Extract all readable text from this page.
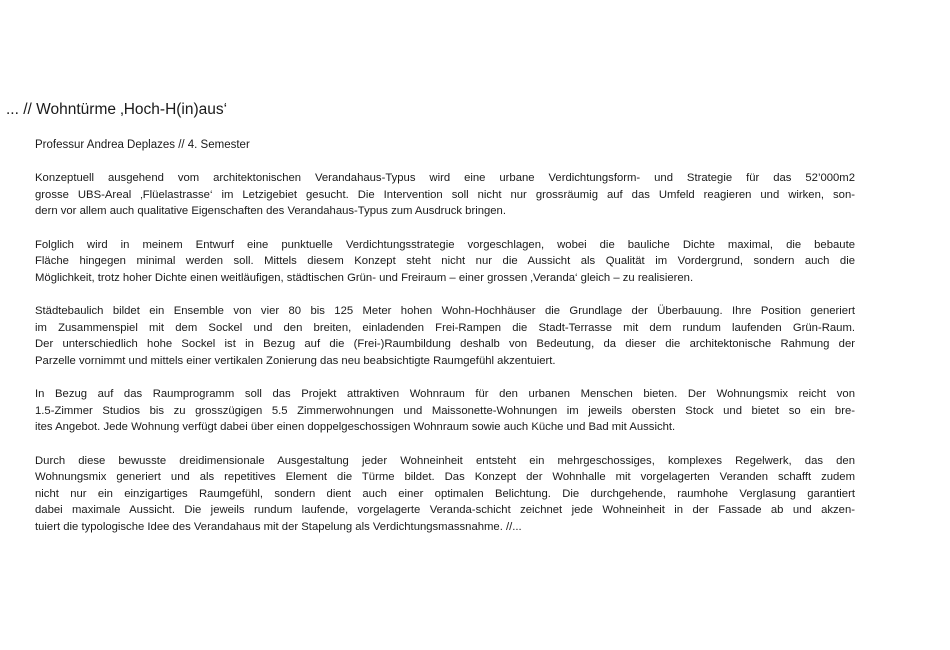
... // Wohntürme ‚Hoch-H(in)aus‘
Professur Andrea Deplazes // 4. Semester

Konzeptuell ausgehend vom architektonischen Verandahaus-Typus wird eine urbane Verdichtungsform- und Strategie für das 52’000m2
grosse UBS-Areal ‚Flüelastrasse‘ im Letzigebiet gesucht. Die Intervention soll nicht nur grossräumig auf das Umfeld reagieren und wirken, son-
dern vor allem auch qualitative Eigenschaften des Verandahaus-Typus zum Ausdruck bringen.

Folglich wird in meinem Entwurf eine punktuelle Verdichtungsstrategie vorgeschlagen, wobei die bauliche Dichte maximal, die bebaute
Fläche hingegen minimal werden soll. Mittels diesem Konzept steht nicht nur die Aussicht als Qualität im Vordergrund, sondern auch die
Möglichkeit, trotz hoher Dichte einen weitläufigen, städtischen Grün- und Freiraum – einer grossen ‚Veranda‘ gleich – zu realisieren.

Städtebaulich bildet ein Ensemble von vier 80 bis 125 Meter hohen Wohn-Hochhäuser die Grundlage der Überbauung. Ihre Position generiert
im Zusammenspiel mit dem Sockel und den breiten, einladenden Frei-Rampen die Stadt-Terrasse mit dem rundum laufenden Grün-Raum.
Der unterschiedlich hohe Sockel ist in Bezug auf die (Frei-)Raumbildung deshalb von Bedeutung, da dieser die architektonische Rahmung der
Parzelle vornimmt und mittels einer vertikalen Zonierung das neu beabsichtigte Raumgefühl akzentuiert.

In Bezug auf das Raumprogramm soll das Projekt attraktiven Wohnraum für den urbanen Menschen bieten. Der Wohnungsmix reicht von
1.5-Zimmer Studios bis zu grosszügigen 5.5 Zimmerwohnungen und Maissonette-Wohnungen im jeweils obersten Stock und bietet so ein bre-
ites Angebot. Jede Wohnung verfügt dabei über einen doppelgeschossigen Wohnraum sowie auch Küche und Bad mit Aussicht.

Durch diese bewusste dreidimensionale Ausgestaltung jeder Wohneinheit entsteht ein mehrgeschossiges, komplexes Regelwerk, das den
Wohnungsmix generiert und als repetitives Element die Türme bildet. Das Konzept der Wohnhalle mit vorgelagerten Veranden schafft zudem
nicht nur ein einzigartiges Raumgefühl, sondern dient auch einer optimalen Belichtung. Die durchgehende, raumhohe Verglasung garantiert
dabei maximale Aussicht. Die jeweils rundum laufende, vorgelagerte Veranda-schicht zeichnet jede Wohneinheit in der Fassade ab und akzen-
tuiert die typologische Idee des Verandahaus mit der Stapelung als Verdichtungsmassnahme. //...
